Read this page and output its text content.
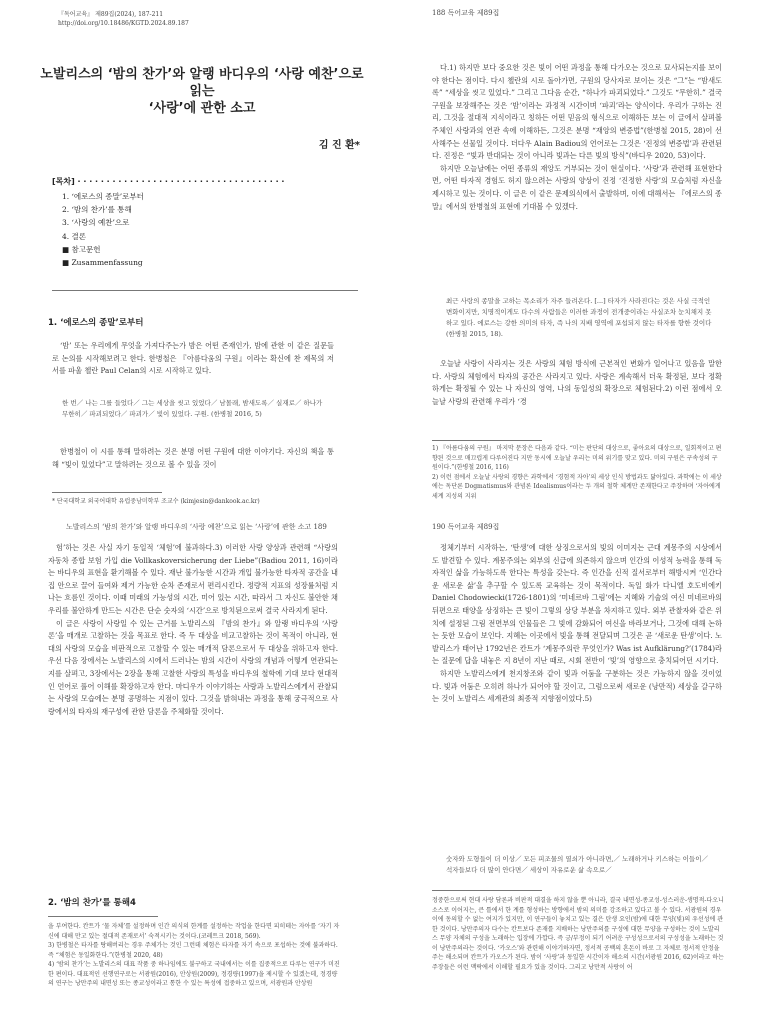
『독어교육』 제89집(2024), 187-211
http://doi.org/10.18486/KGTD.2024.89.187
노발리스의 ‘밤의 찬가’와 알랭 바디우의 ‘사랑 예찬’으로 읽는
‘사랑’에 관한 소고
김 진 환*
[목차] · · · · · · · · · · · · · · · · · · · · · · · · · · · · · · · · · · · ·
1. ‘에로스의 종말’로부터
2. ‘밤의 찬가’를 통해
3. ‘사랑의 예찬’으로
4. 결론
■ 참고문헌
■ Zusammenfassung
1. ‘에로스의 종말’로부터

‘밤’ 또는 우리에게 무엇을 가져다주는가 밤은 어떤 존재인가, 밤에 관한 이 같은 질문들로 논의를 시작해보려고 한다. 한병철은 『아름다움의 구원』이라는 확신에 찬 제목의 저서를 파울 첼란 Paul Celan의 시로 시작하고 있다.

한 번／ 나는 그를 들었다／ 그는 세상을 씻고 있었다／ 남몰래, 밤새도록／ 실재로／ 하나가 무한히／ 파괴되었다／ 파괴가／ 빛이 있었다. 구원. (한병철 2016, 5)

한병철이 이 시를 통해 말하려는 것은 분명 어떤 구원에 대한 이야기다. 자신의 책을 통해 “빛이 있었다”고 말하려는 것으로 볼 수 있을 것이

* 단국대학교 외국어대학 유럽중남미학부 조교수 (kimjesin@dankook.ac.kr)
188 독어교육 제89집

다.1) 하지만 보다 중요한 것은 빛이 어떤 과정을 통해 다가오는 것으로 묘사되는지를 보이야 한다는 점이다. 다시 첼란의 시로 돌아가면, 구원의 당사자로 보이는 것은 “그”는 “밤새도록” “세상을 씻고 있었다.” 그리고 그다음 순간, “하나가 파괴되었다.” 그것도 “무한히.” 결국 구원을 보장해주는 것은 ‘밤’이라는 과정적 시간이며 ‘파괴’라는 양식이다. 우리가 구하는 진리, 그것을 절대적 지식이라고 칭하든 어떤 믿음의 형식으로 이해하든 보는 이 글에서 살펴볼 주체인 사랑과의 연관 속에 이해하든, 그것은 분명 “재앙의 변증법”(한병철 2015, 28)이 선사해주는 선물일 것이다. 더다우 Alain Badiou의 언어로는 그것은 ‘진정의 변증법’과 관련된다. 진정은 “빛과 반대되는 것이 아니라 빛과는 다른 빛의 방식”(바디우 2020, 53)이다.

하지만 오늘날에는 어떤 종류의 재앙도 거부되는 것이 현실이다. ‘사랑’과 관련해 표현한다면, 어떤 타자적 경험도 허지 않으려는 사랑의 양상이 진정 ‘진정한 사랑’의 모습처럼 자신을 제시하고 있는 것이다. 이 글은 이 같은 문제의식에서 출발하며, 이에 대해서는 『에로스의 종말』에서의 한병철의 표현에 기대볼 수 있겠다.

최근 사랑의 종말을 고하는 목소리가 자주 들려온다. [...] 타자가 사라진다는 것은 사실 극적인 변화이지만, 치명적이게도 다수의 사람들은 이러한 과정이 전개중이라는 사실조차 눈치채지 못하고 있다. 에로스는 강한 의미의 타자, 즉 나의 지배 영역에 포섭되지 않는 타자를 향한 것이다(한병철 2015, 18).

오늘날 사랑이 사라지는 것은 사랑의 체험 방식에 근본적인 변화가 일어나고 있음을 말한다. 사랑의 체험에서 타자의 공간은 사라지고 있다. 사랑은 계속해서 더욱 확정된, 보다 정확하게는 확정될 수 있는 나 자신의 영역, 나의 동일성의 확장으로 체험된다.2) 이런 점에서 오늘날 사랑의 관련해 우리가 ‘경

1) 『아름다움의 구원』 마지막 문장은 다음과 같다. “미는 판단의 대상으로, 좋아요의 대상으로, 일회적이고 편향된 것으로 매끄럽게 다루어진다 지만 동시에 오늘날 우리는 미의 위기를 맞고 있다. 미의 구원은 구속성의 구원이다.”(한병철 2016, 116)
2) 이런 점에서 오늘날 사랑의 경향은 과학에서 ‘경험적 자아’의 세상 인식 방법과도 닮아있다. 과학에는 이 세상에는 독단론 Dogmatismus와 관념론 Idealismus이라는 두 개의 철학 체계만 존재한다고 주장하며 ‘자아에게 세계 지성의 지위
노발리스의 ‘밤의 찬가’와 알랭 바디우의 ‘사랑 예찬’으로 읽는 ‘사랑’에 관한 소고 189

험’하는 것은 사실 자기 동일적 ‘체험’에 불과하다.3) 이러한 사랑 양상과 관련해 “사랑의 자동차 종합 보험 가입 die Vollkaskoversicherung der Liebe”(Badiou 2011, 16)이라는 바디우의 표현을 환기해볼 수 있다. 재난 불가능한 시간과 개입 불가능한 타자적 공간을 내 집 안으로 끌어 들여와 제거 가능한 순차 존재로서 편리시킨다. 정량적 지표의 성장률처럼 지나는 흐름인 것이다. 이때 미래의 가능성의 시간, 미어 있는 시간, 따라서 그 자신도 불안한 채 우리를 불안하게 만드는 시간은 단순 숫자의 ‘시간’으로 방치된으로써 결국 사라지게 된다.

이 글은 사랑이 사랑일 수 있는 근거를 노발리스의 『밤의 찬가』와 알랭 바디우의 ‘사랑론’을 매개로 고찰하는 것을 목표로 한다. 즉 두 대상을 비교고찰하는 것이 목적이 아니라, 현대의 사랑의 모습을 비판적으로 고찰할 수 있는 매개적 담론으로서 두 대상을 위하고자 한다. 우선 다음 장에서는 노발리스의 시에서 드러나는 밤의 시간이 사랑의 개념과 어떻게 연관되는지를 살펴고, 3장에서는 2장을 통해 고찰한 사랑의 특성을 바디우의 철학에 기대 보다 현대적인 언어로 풀어 이해를 확장하고자 한다. 마디우가 이야기하는 사랑과 노발리스에게서 관찰되는 사랑의 모습에는 분명 공명하는 지점이 있다. 그것을 밝혀내는 과정을 통해 궁극적으로 사랑에서의 타자의 재구성에 관한 담론을 주체화할 것이다.

2. ‘밤의 찬가’를 통해4
을 부여한다. 칸트가 ‘물 자체’를 설정하며 인간 의식의 한계를 설정하는 작업을 한다면 피히테는 자아를 ‘자기 자신에 대해 만고 있는 절대적 존재로서’ 숙적시키는 것이다.(코레트크 2018, 569).
3) 한병철은 타자를 탕해버리는 경우 주체가는 것인 그런데 체험은 타자를 자기 속으로 포섭하는 것에 불과하다. 즉 “체험은 동일화한다.”(한병철 2020, 48)
4) ‘밤의 찬가’는 노발리스의 대표 작품 중 하나임에도 불구하고 국내에서는 이를 집중적으로 다루는 연구가 미진한 편이다. 대표적인 선행연구로는 서광원(2016), 안상원(2009), 정경량(1997)을 제시할 수 있겠는데, 정경량의 연구는 낭만주의 내면성 또는 종교성이라고 통한 수 있는 특성에 접중하고 있으며, 서광원과 안상원
190 독어교육 제89집

정체기부터 시작하는, ‘탄생’에 대한 상징으로서의 빛의 이미지는 근대 계몽주의 시상에서도 발견할 수 있다. 계몽주의는 외부의 신급에 의존하지 않으며 인간의 이성적 능력을 통해 독자적인 삶을 가능하도록 한다는 특성을 갖는다. 즉 인간을 신적 질서로부터 해방시켜 ‘인간다운 새로운 삶’을 추구할 수 있도록 교육하는 것이 목적이다. 독일 화가 다니엘 호도비에키 Daniel Chodowiecki(1726-1801)의 ‘미네르바 그림’에는 지혜와 기술의 여신 미네르바의 뒤편으로 태양을 상징하는 큰 빛이 그렇의 상당 부분을 차지하고 있다. 외부 관찰자와 같은 위치에 설정된 그림 전면부의 인물들은 그 빛에 감화되어 여신을 바라보거나, 그것에 대해 논하는 듯한 모습이 보인다. 지혜는 이곳에서 빛을 통해 전달되며 그것은 곧 ‘새로운 탄생’이다. 노발리스가 태어난 1792년은 칸트가 ‘계몽주의란 무엇인가? Was ist Aufklärung?’(1784)라는 질문에 답을 내놓은 지 8년이 지난 때로, 시회 전반이 ‘빛’의 영향으로 충치되어던 시기다.

하지만 노발리스에게 천지창조와 같이 빛과 어둠을 구분하는 것은 가능하지 않을 것이었다. 빛과 어둠은 오히려 하나가 되어야 할 것이고, 그럼으로써 새로운 (낭만적) 세상을 갈구하는 것이 노발리스 세계관의 최종적 지향점이었다.5)

숫자와 도형들이 더 이상／ 모든 피조물의 열쇠가 아니라면,／ 노래하거나 키스하는 이들이／ 석자들보다 더 많이 안다면／ 세상이 자유로운 삶 속으로／
정중한으로써 현대 사랑 담론과 비판적 대결을 하지 않을 뿐 아니라, 결국 내면성-종교성-성스러운-생명적-다오니소스로 이어지는, 큰 틀에서 한 계를 형성하는 방향에서 밤의 의미를 강조하고 있다고 볼 수 있다. 서광원의 경우 이에 동의할 수 없는 여지가 있지만, 이 연구들이 놓치고 있는 결은 탄생 요인(밤)에 대한 무양(빛)의 우선성에 관한 것이다. 낭만주의자 다수는 칸트보다 존재를 지배하는 낭만주의를 구성에 대한 무양을 구성하는 것이 노발리스 무양 자체의 구성을 노래하는 입장에 가깝다. 즉 긍/부정이 되기 어려운 구성성으로서의 구성성을 노래하는 것이 낭만주의라는 것이다. ‘카오스’와 관련해 이야기하자면, 정서적 공백의 혼돈이 바로 그 자체로 정서적 안정을 주는 해소되며 칸트가 카오스가 된다. 밤이 ‘사랑’과 동일한 시간이자 해소의 시간(서광원 2016, 62)이라고 하는 주장들은 이런 맥락에서 이해할 필요가 있을 것이다. 그리고 낭만적 사랑이 어
